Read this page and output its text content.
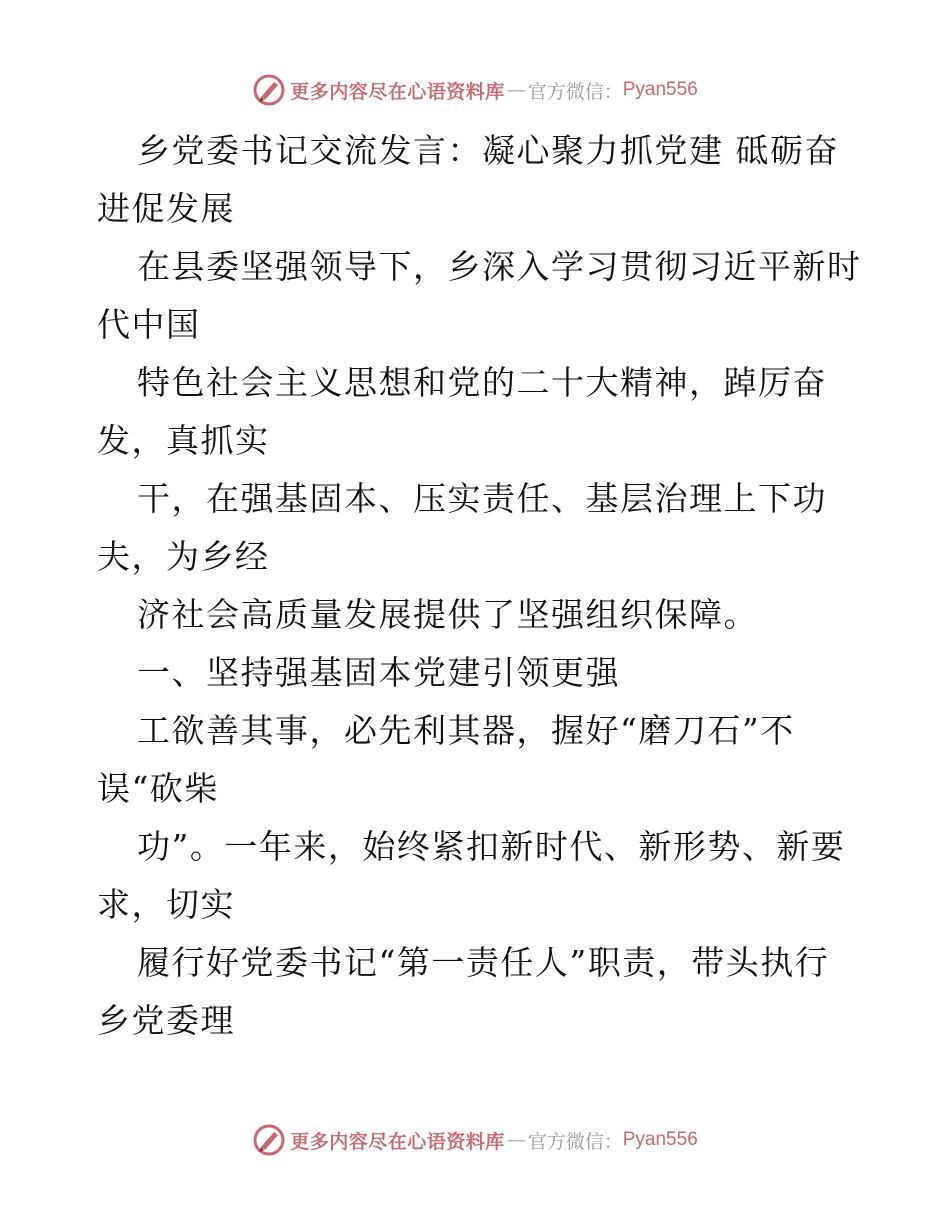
更多内容尽在心语资料库 — 官方微信： Pyan556
乡党委书记交流发言：凝心聚力抓党建 砥砺奋
进促发展
在县委坚强领导下，乡深入学习贯彻习近平新时
代中国
特色社会主义思想和党的二十大精神，踔厉奋
发，真抓实
干，在强基固本、压实责任、基层治理上下功
夫，为乡经
济社会高质量发展提供了坚强组织保障。
一、坚持强基固本党建引领更强
工欲善其事，必先利其器，握好“磨刀石”不
误“砍柴
功”。一年来，始终紧扣新时代、新形势、新要
求，切实
履行好党委书记“第一责任人”职责，带头执行
乡党委理
更多内容尽在心语资料库 — 官方微信： Pyan556
